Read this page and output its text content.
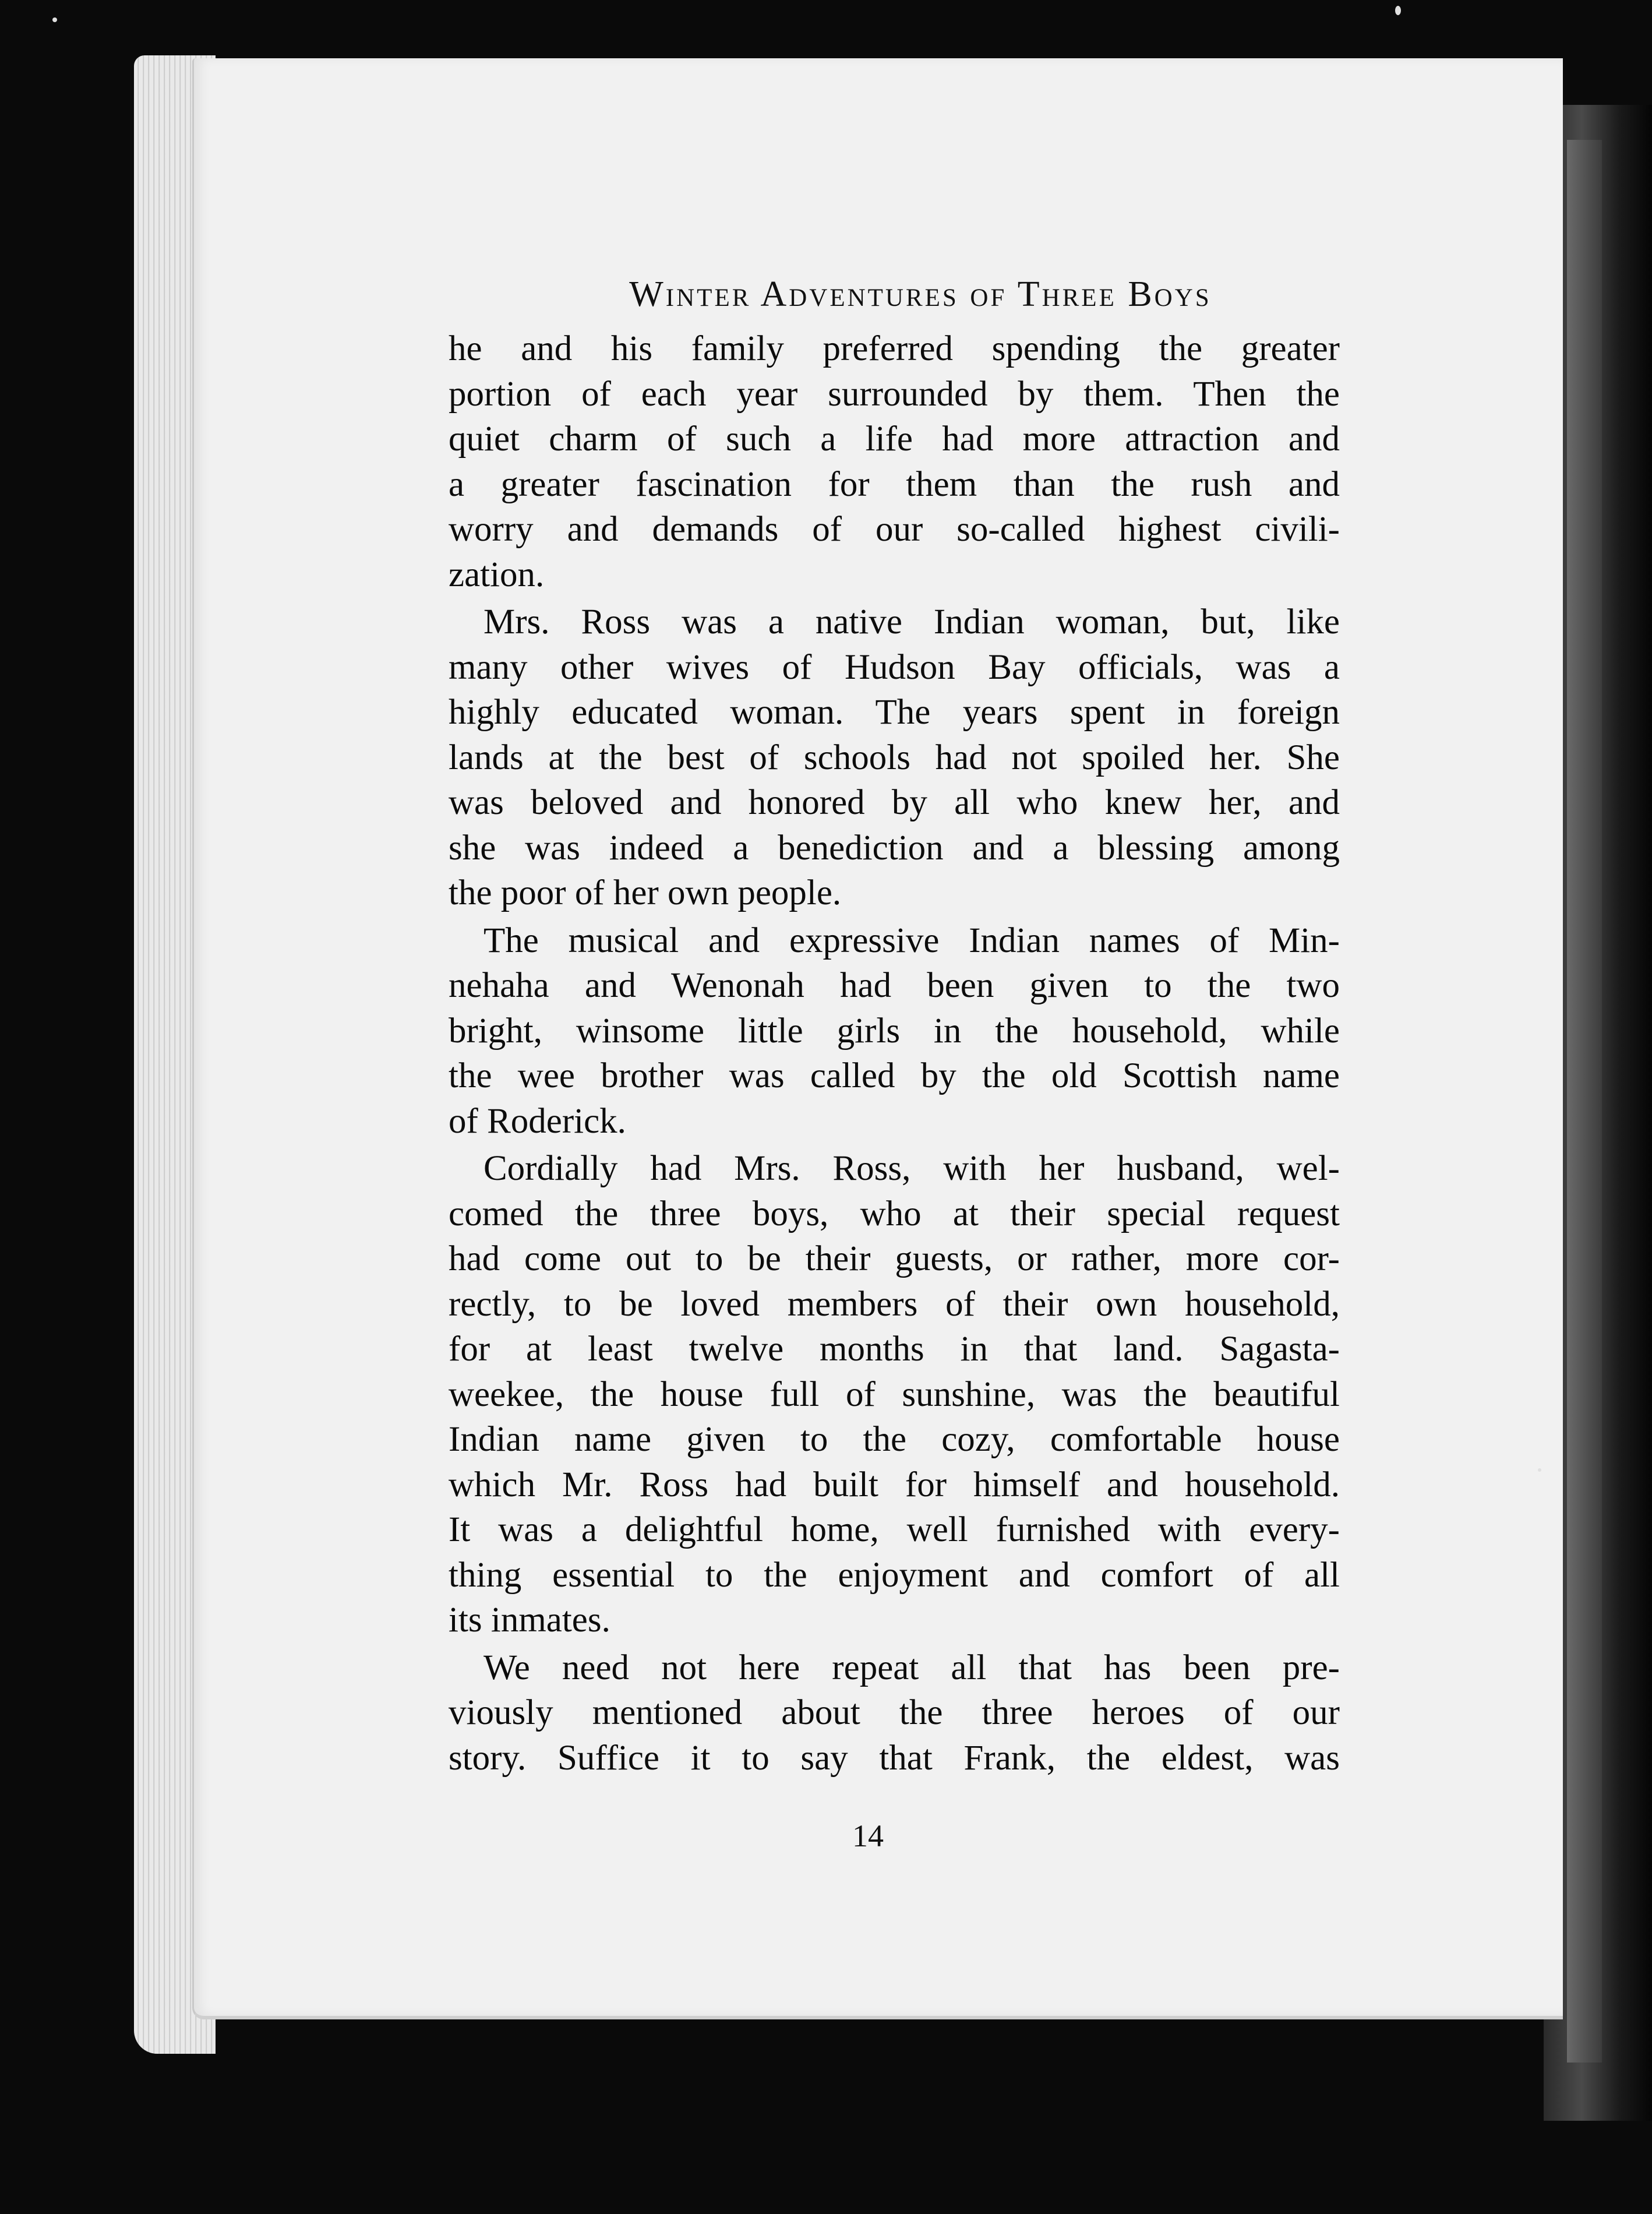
Winter Adventures of Three Boys
he and his family preferred spending the greater
portion of each year surrounded by them. Then the
quiet charm of such a life had more attraction and
a greater fascination for them than the rush and
worry and demands of our so-called highest civili-
zation.
Mrs. Ross was a native Indian woman, but, like
many other wives of Hudson Bay officials, was a
highly educated woman. The years spent in foreign
lands at the best of schools had not spoiled her. She
was beloved and honored by all who knew her, and
she was indeed a benediction and a blessing among
the poor of her own people.
The musical and expressive Indian names of Min-
nehaha and Wenonah had been given to the two
bright, winsome little girls in the household, while
the wee brother was called by the old Scottish name
of Roderick.
Cordially had Mrs. Ross, with her husband, wel-
comed the three boys, who at their special request
had come out to be their guests, or rather, more cor-
rectly, to be loved members of their own household,
for at least twelve months in that land. Sagasta-
weekee, the house full of sunshine, was the beautiful
Indian name given to the cozy, comfortable house
which Mr. Ross had built for himself and household.
It was a delightful home, well furnished with every-
thing essential to the enjoyment and comfort of all
its inmates.
We need not here repeat all that has been pre-
viously mentioned about the three heroes of our
story. Suffice it to say that Frank, the eldest, was
14
